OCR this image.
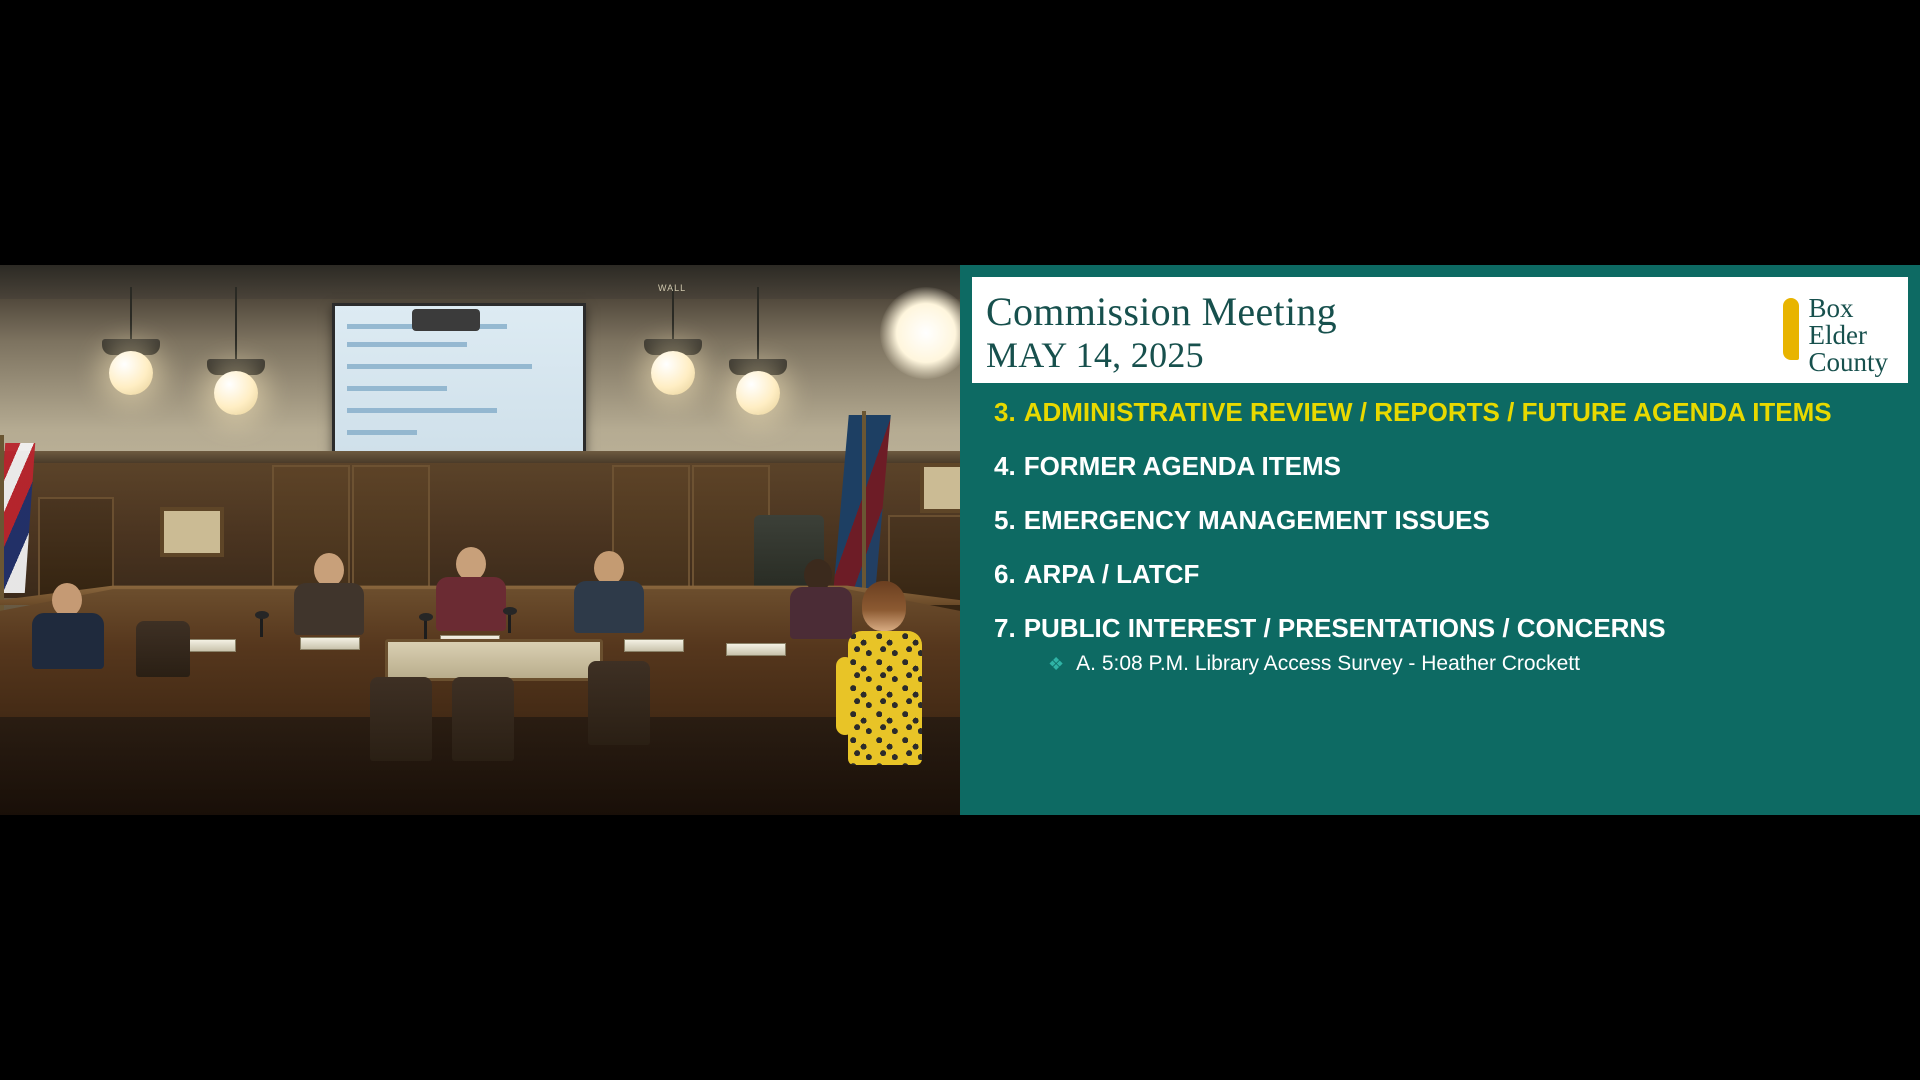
WALL
Commission Meeting
MAY 14, 2025
Box
Elder
County
3. ADMINISTRATIVE REVIEW / REPORTS / FUTURE AGENDA ITEMS
4. FORMER AGENDA ITEMS
5. EMERGENCY MANAGEMENT ISSUES
6. ARPA / LATCF
7. PUBLIC INTEREST / PRESENTATIONS / CONCERNS
❖ A. 5:08 P.M. Library Access Survey - Heather Crockett
